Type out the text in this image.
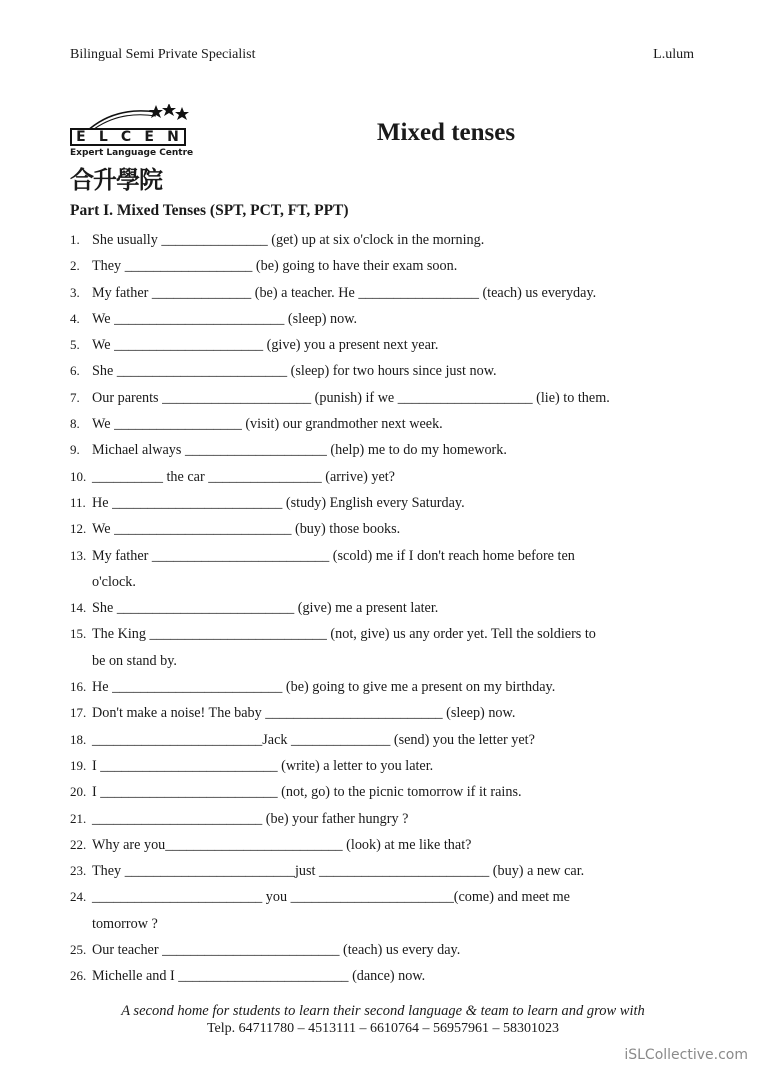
Bilingual Semi Private Specialist	L.ulum
E L C E N
Expert Language Centre
合升學院
Mixed tenses
Part I. Mixed Tenses (SPT, PCT, FT, PPT)
1. She usually _______________ (get) up at six o'clock in the morning.
2. They __________________ (be) going to have their exam soon.
3. My father ______________ (be) a teacher. He _________________ (teach) us everyday.
4. We ________________________ (sleep) now.
5. We _____________________ (give) you a present next year.
6. She ________________________ (sleep) for two hours since just now.
7. Our parents _____________________ (punish) if we ___________________ (lie) to them.
8. We __________________ (visit) our grandmother next week.
9. Michael always ____________________ (help) me to do my homework.
10. __________ the car ________________ (arrive) yet?
11. He ________________________ (study) English every Saturday.
12. We _________________________ (buy) those books.
13. My father _________________________ (scold) me if I don't reach home before ten
o'clock.
14. She _________________________ (give) me a present later.
15. The King _________________________ (not, give) us any order yet. Tell the soldiers to
be on stand by.
16. He ________________________ (be) going to give me a present on my birthday.
17. Don't make a noise! The baby _________________________ (sleep) now.
18. ________________________Jack ______________ (send) you the letter yet?
19. I _________________________ (write) a letter to you later.
20. I _________________________ (not, go) to the picnic tomorrow if it rains.
21. ________________________ (be) your father hungry ?
22. Why are you_________________________ (look) at me like that?
23. They ________________________just ________________________ (buy) a new car.
24. ________________________ you _______________________(come) and meet me
tomorrow ?
25. Our teacher _________________________ (teach) us every day.
26. Michelle and I ________________________ (dance) now.
A second home for students to learn their second language & team to learn and grow with
Telp. 64711780 – 4513111 – 6610764 – 56957961 – 58301023
iSLCollective.com
